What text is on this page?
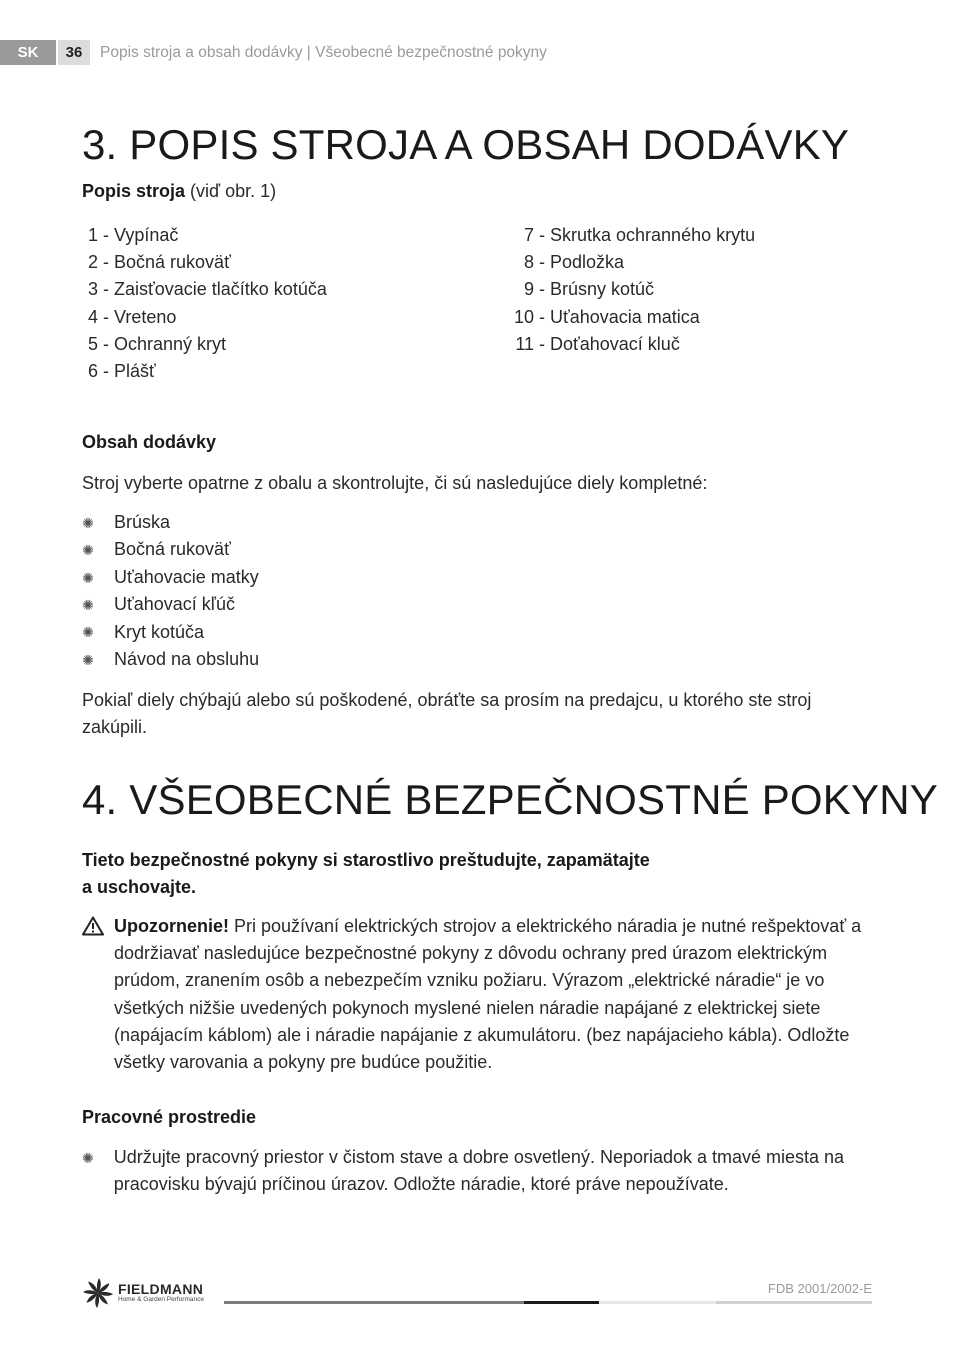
SK	36	Popis stroja a obsah dodávky | Všeobecné bezpečnostné pokyny
3. POPIS STROJA A OBSAH DODÁVKY
Popis stroja (viď obr. 1)
1 - Vypínač
2 - Bočná rukoväť
3 - Zaisťovacie tlačítko kotúča
4 - Vreteno
5 - Ochranný kryt
6 - Plášť
7 - Skrutka ochranného krytu
8 - Podložka
9 - Brúsny kotúč
10 - Uťahovacia matica
11 - Doťahovací kluč
Obsah dodávky
Stroj vyberte opatrne z obalu a skontrolujte, či sú nasledujúce diely kompletné:
✺ Brúska
✺ Bočná rukoväť
✺ Uťahovacie matky
✺ Uťahovací kľúč
✺ Kryt kotúča
✺ Návod na obsluhu
Pokiaľ diely chýbajú alebo sú poškodené, obráťte sa prosím na predajcu, u ktorého ste stroj zakúpili.
4. VŠEOBECNÉ BEZPEČNOSTNÉ POKYNY
Tieto bezpečnostné pokyny si starostlivo preštudujte, zapamätajte
a uschovajte.
Upozornenie! Pri používaní elektrických strojov a elektrického náradia je nutné rešpektovať a dodržiavať nasledujúce bezpečnostné pokyny z dôvodu ochrany pred úrazom elektrickým prúdom, zranením osôb a nebezpečím vzniku požiaru. Výrazom „elektrické náradie“ je vo všetkých nižšie uvedených pokynoch myslené nielen náradie napájané z elektrickej siete (napájacím káblom) ale i náradie napájanie z akumulátoru. (bez napájacieho kábla). Odložte všetky varovania a pokyny pre budúce použitie.
Pracovné prostredie
✺ Udržujte pracovný priestor v čistom stave a dobre osvetlený. Neporiadok a tmavé miesta na pracovisku bývajú príčinou úrazov. Odložte náradie, ktoré práve nepoužívate.
FIELDMANN
Home & Garden Performance
FDB 2001/2002-E
